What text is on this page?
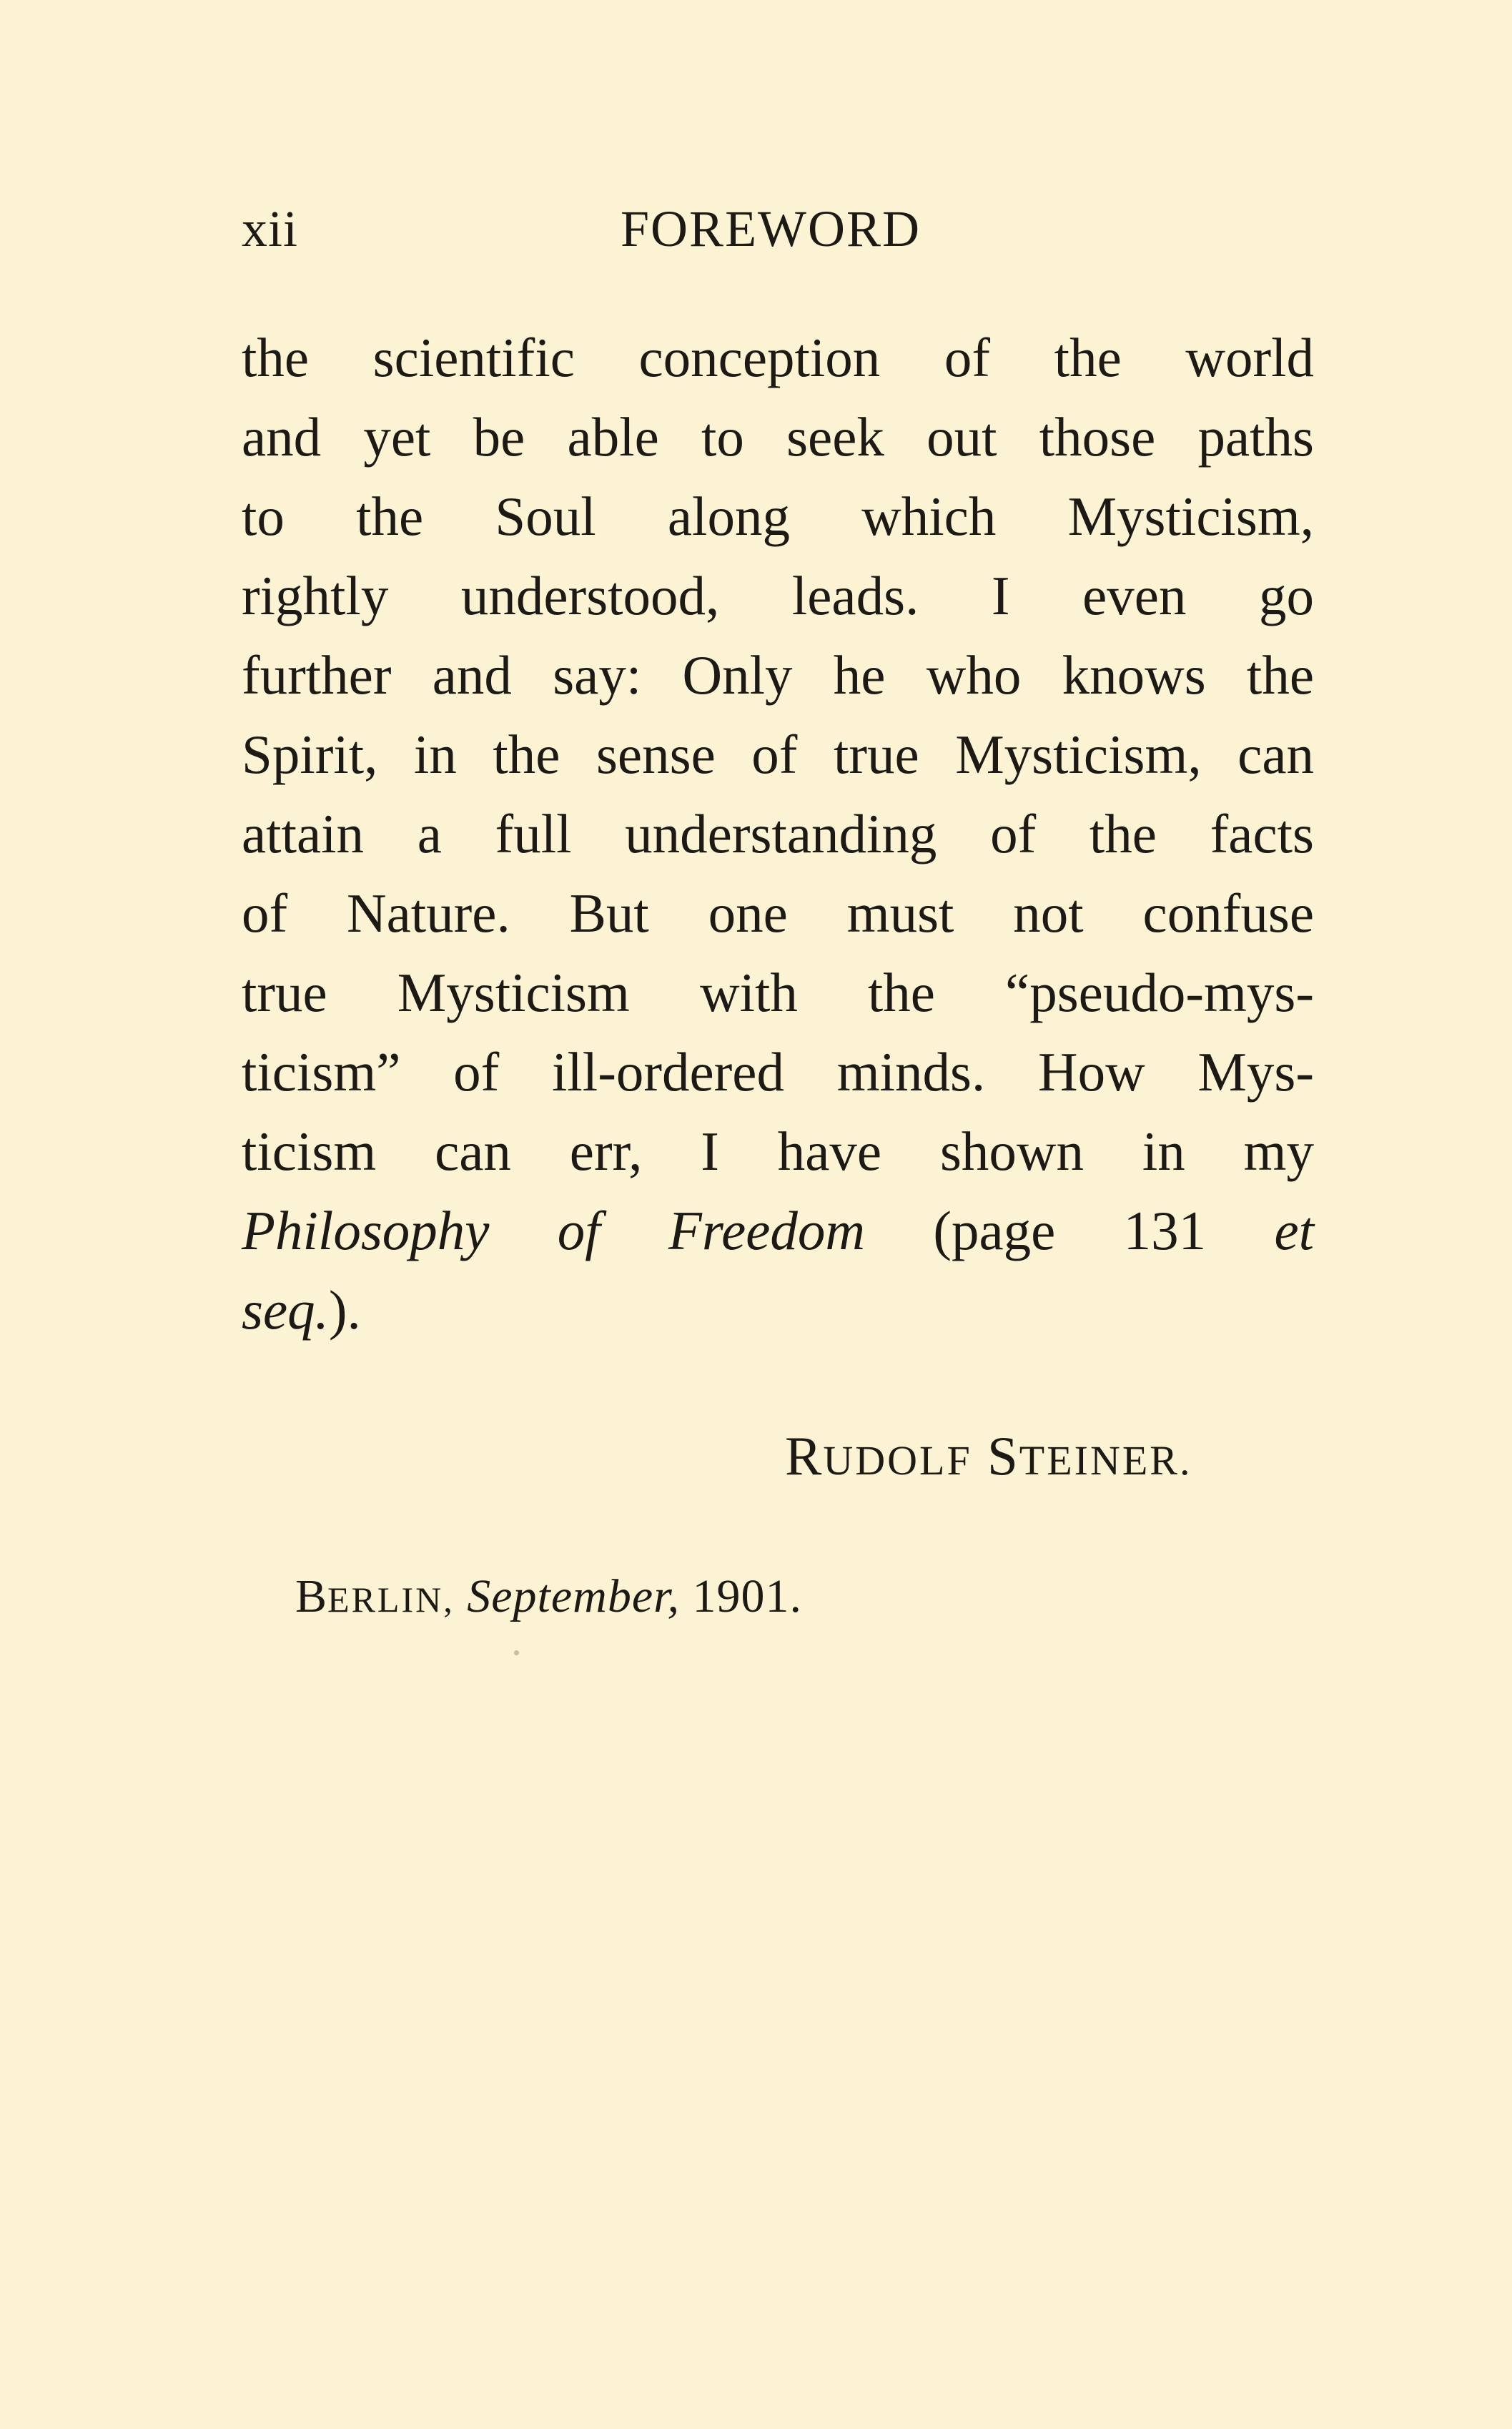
xii	FOREWORD
the scientific conception of the world
and yet be able to seek out those paths
to the Soul along which Mysticism,
rightly understood, leads. I even go
further and say: Only he who knows the
Spirit, in the sense of true Mysticism, can
attain a full understanding of the facts
of Nature. But one must not confuse
true Mysticism with the “pseudo-mys-
ticism” of ill-ordered minds. How Mys-
ticism can err, I have shown in my
Philosophy of Freedom (page 131 et
seq.).
RUDOLF STEINER.
BERLIN, September, 1901.
